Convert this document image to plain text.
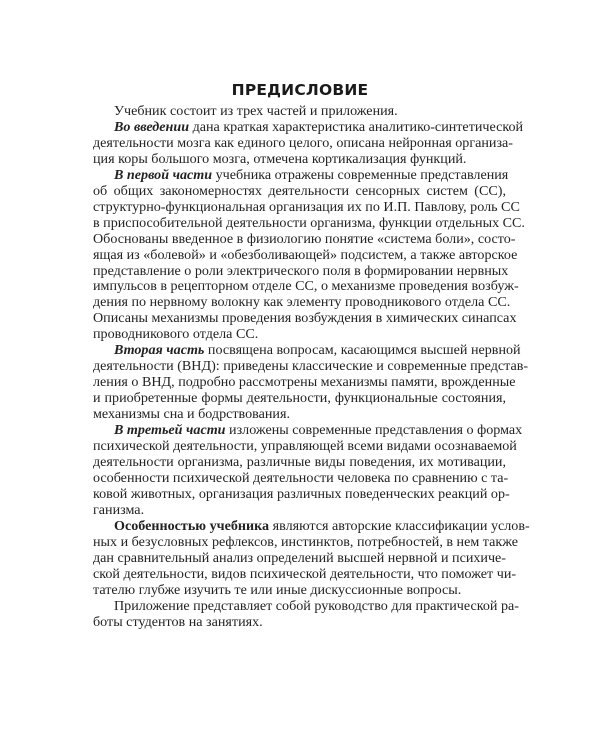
ПРЕДИСЛОВИЕ

Учебник состоит из трех частей и приложения.

Во введении дана краткая характеристика аналитико-синтетической
деятельности мозга как единого целого, описана нейронная организа-
ция коры большого мозга, отмечена кортикализация функций.

В первой части учебника отражены современные представления
об общих закономерностях деятельности сенсорных систем (СС),
структурно-функциональная организация их по И.П. Павлову, роль СС
в приспособительной деятельности организма, функции отдельных СС.
Обоснованы введенное в физиологию понятие «система боли», состо-
ящая из «болевой» и «обезболивающей» подсистем, а также авторское
представление о роли электрического поля в формировании нервных
импульсов в рецепторном отделе СС, о механизме проведения возбуж-
дения по нервному волокну как элементу проводникового отдела СС.
Описаны механизмы проведения возбуждения в химических синапсах
проводникового отдела СС.

Вторая часть посвящена вопросам, касающимся высшей нервной
деятельности (ВНД): приведены классические и современные представ-
ления о ВНД, подробно рассмотрены механизмы памяти, врожденные
и приобретенные формы деятельности, функциональные состояния,
механизмы сна и бодрствования.

В третьей части изложены современные представления о формах
психической деятельности, управляющей всеми видами осознаваемой
деятельности организма, различные виды поведения, их мотивации,
особенности психической деятельности человека по сравнению с та-
ковой животных, организация различных поведенческих реакций ор-
ганизма.

Особенностью учебника являются авторские классификации услов-
ных и безусловных рефлексов, инстинктов, потребностей, в нем также
дан сравнительный анализ определений высшей нервной и психиче-
ской деятельности, видов психической деятельности, что поможет чи-
тателю глубже изучить те или иные дискуссионные вопросы.

Приложение представляет собой руководство для практической ра-
боты студентов на занятиях.
